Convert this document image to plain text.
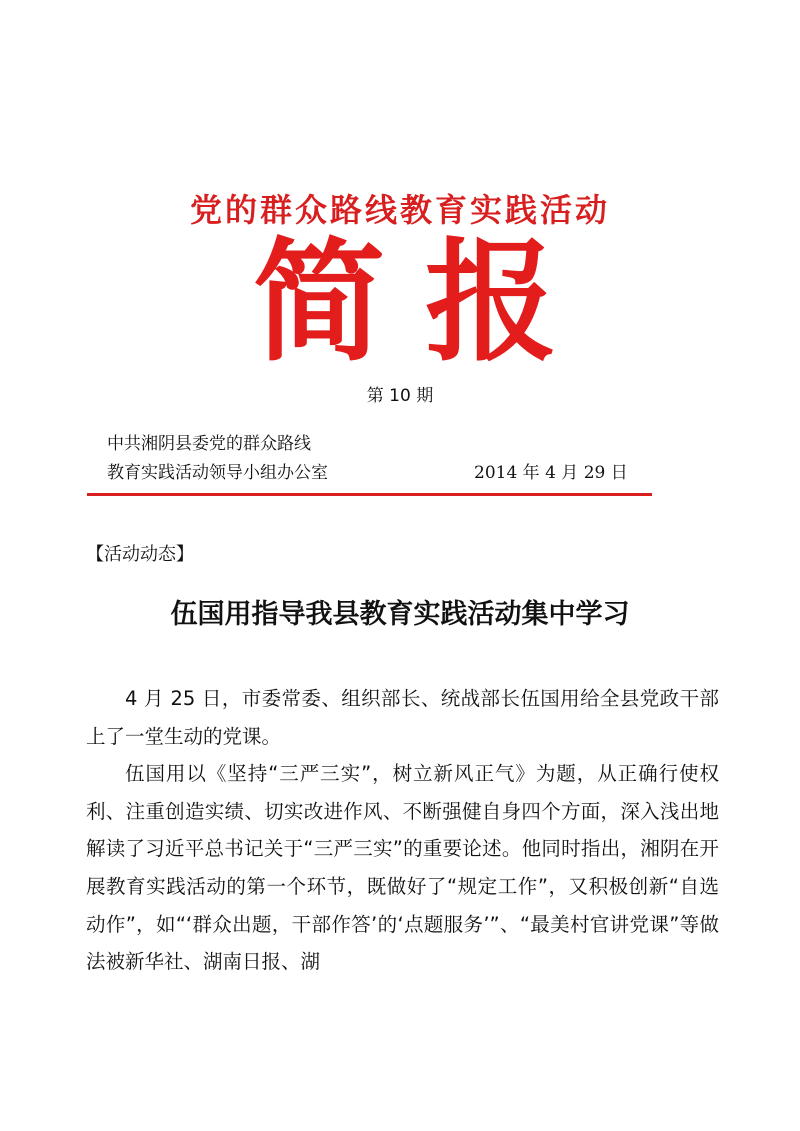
党的群众路线教育实践活动
简 报
第 10 期
中共湘阴县委党的群众路线
教育实践活动领导小组办公室	2014 年 4 月 29 日
【活动动态】
伍国用指导我县教育实践活动集中学习

4 月 25 日，市委常委、组织部长、统战部长伍国用给全县党政干部上了一堂生动的党课。

伍国用以《坚持“三严三实”，树立新风正气》为题，从正确行使权利、注重创造实绩、切实改进作风、不断强健自身四个方面，深入浅出地解读了习近平总书记关于“三严三实”的重要论述。他同时指出，湘阴在开展教育实践活动的第一个环节，既做好了“规定工作”，又积极创新“自选动作”，如“‘群众出题，干部作答’的‘点题服务’”、“最美村官讲党课”等做法被新华社、湖南日报、湖
